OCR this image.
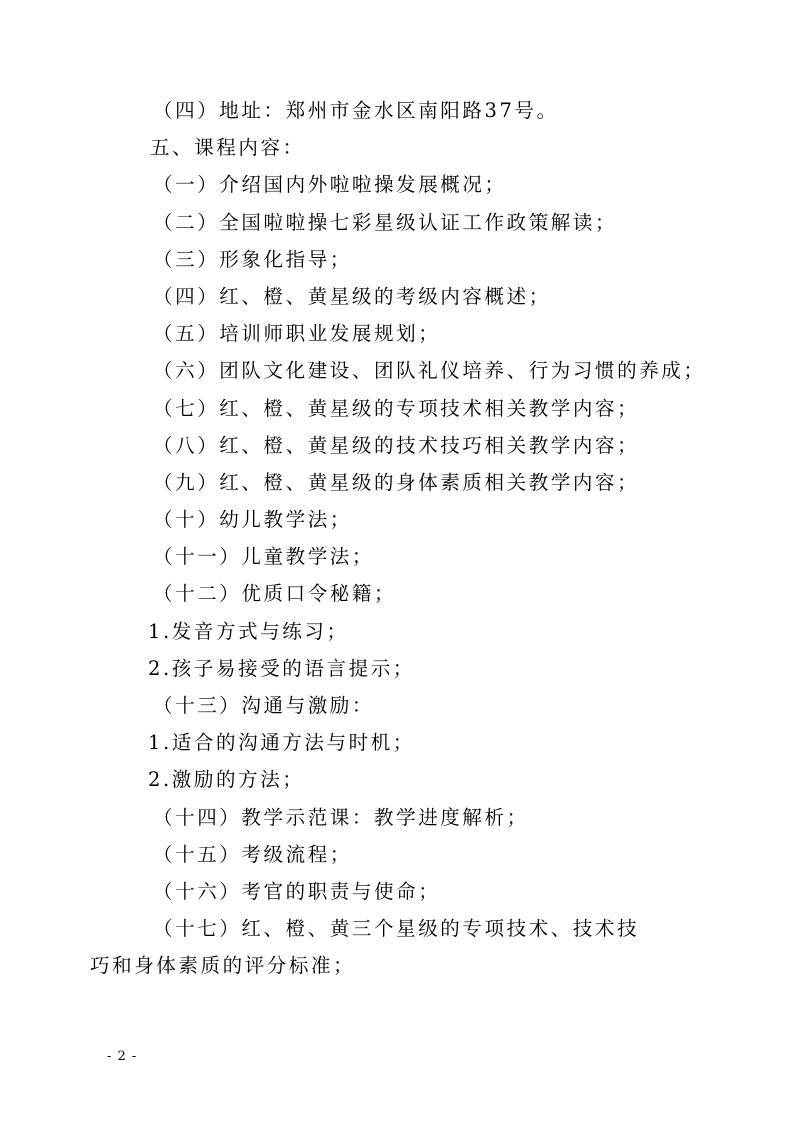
（四）地址：郑州市金水区南阳路37号。
五、课程内容：
（一）介绍国内外啦啦操发展概况；
（二）全国啦啦操七彩星级认证工作政策解读；
（三）形象化指导；
（四）红、橙、黄星级的考级内容概述；
（五）培训师职业发展规划；
（六）团队文化建设、团队礼仪培养、行为习惯的养成；
（七）红、橙、黄星级的专项技术相关教学内容；
（八）红、橙、黄星级的技术技巧相关教学内容；
（九）红、橙、黄星级的身体素质相关教学内容；
（十）幼儿教学法；
（十一）儿童教学法；
（十二）优质口令秘籍；
1.发音方式与练习；
2.孩子易接受的语言提示；
（十三）沟通与激励：
1.适合的沟通方法与时机；
2.激励的方法；
（十四）教学示范课：教学进度解析；
（十五）考级流程；
（十六）考官的职责与使命；
（十七）红、橙、黄三个星级的专项技术、技术技巧和身体素质的评分标准；
- 2 -
